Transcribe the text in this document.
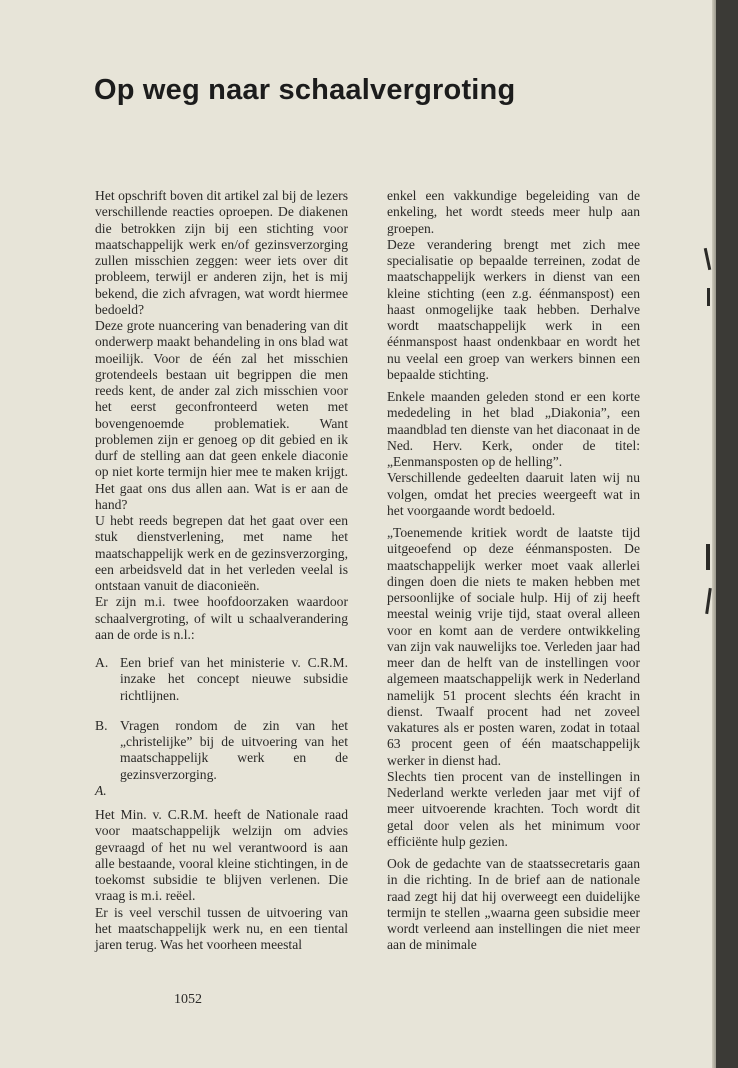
Op weg naar schaalvergroting

Het opschrift boven dit artikel zal bij de lezers verschillende reacties oproepen. De diakenen die betrokken zijn bij een stichting voor maatschappelijk werk en/of gezinsverzorging zullen misschien zeggen: weer iets over dit probleem, terwijl er anderen zijn, het is mij bekend, die zich afvragen, wat wordt hiermee bedoeld?

Deze grote nuancering van benadering van dit onderwerp maakt behandeling in ons blad wat moeilijk. Voor de één zal het misschien grotendeels bestaan uit begrippen die men reeds kent, de ander zal zich misschien voor het eerst geconfronteerd weten met bovengenoemde problematiek. Want problemen zijn er genoeg op dit gebied en ik durf de stelling aan dat geen enkele diaconie op niet korte termijn hier mee te maken krijgt. Het gaat ons dus allen aan. Wat is er aan de hand?

U hebt reeds begrepen dat het gaat over een stuk dienstverlening, met name het maatschappelijk werk en de gezinsverzorging, een arbeidsveld dat in het verleden veelal is ontstaan vanuit de diaconieën.

Er zijn m.i. twee hoofdoorzaken waardoor schaalvergroting, of wilt u schaalverandering aan de orde is n.l.:

A. Een brief van het ministerie v. C.R.M. inzake het concept nieuwe subsidie richtlijnen.

B. Vragen rondom de zin van het „christelijke” bij de uitvoering van het maatschappelijk werk en de gezinsverzorging.

A.

Het Min. v. C.R.M. heeft de Nationale raad voor maatschappelijk welzijn om advies gevraagd of het nu wel verantwoord is aan alle bestaande, vooral kleine stichtingen, in de toekomst subsidie te blijven verlenen. Die vraag is m.i. reëel.

Er is veel verschil tussen de uitvoering van het maatschappelijk werk nu, en een tiental jaren terug. Was het voorheen meestal

enkel een vakkundige begeleiding van de enkeling, het wordt steeds meer hulp aan groepen.

Deze verandering brengt met zich mee specialisatie op bepaalde terreinen, zodat de maatschappelijk werkers in dienst van een kleine stichting (een z.g. éénmanspost) een haast onmogelijke taak hebben. Derhalve wordt maatschappelijk werk in een éénmanspost haast ondenkbaar en wordt het nu veelal een groep van werkers binnen een bepaalde stichting.

Enkele maanden geleden stond er een korte mededeling in het blad „Diakonia”, een maandblad ten dienste van het diaconaat in de Ned. Herv. Kerk, onder de titel: „Eenmansposten op de helling”.

Verschillende gedeelten daaruit laten wij nu volgen, omdat het precies weergeeft wat in het voorgaande wordt bedoeld.

„Toenemende kritiek wordt de laatste tijd uitgeoefend op deze éénmansposten. De maatschappelijk werker moet vaak allerlei dingen doen die niets te maken hebben met persoonlijke of sociale hulp. Hij of zij heeft meestal weinig vrije tijd, staat overal alleen voor en komt aan de verdere ontwikkeling van zijn vak nauwelijks toe. Verleden jaar had meer dan de helft van de instellingen voor algemeen maatschappelijk werk in Nederland namelijk 51 procent slechts één kracht in dienst. Twaalf procent had net zoveel vakatures als er posten waren, zodat in totaal 63 procent geen of één maatschappelijk werker in dienst had.

Slechts tien procent van de instellingen in Nederland werkte verleden jaar met vijf of meer uitvoerende krachten. Toch wordt dit getal door velen als het minimum voor efficiënte hulp gezien.

Ook de gedachte van de staatssecretaris gaan in die richting. In de brief aan de nationale raad zegt hij dat hij overweegt een duidelijke termijn te stellen „waarna geen subsidie meer wordt verleend aan instellingen die niet meer aan de minimale

1052
